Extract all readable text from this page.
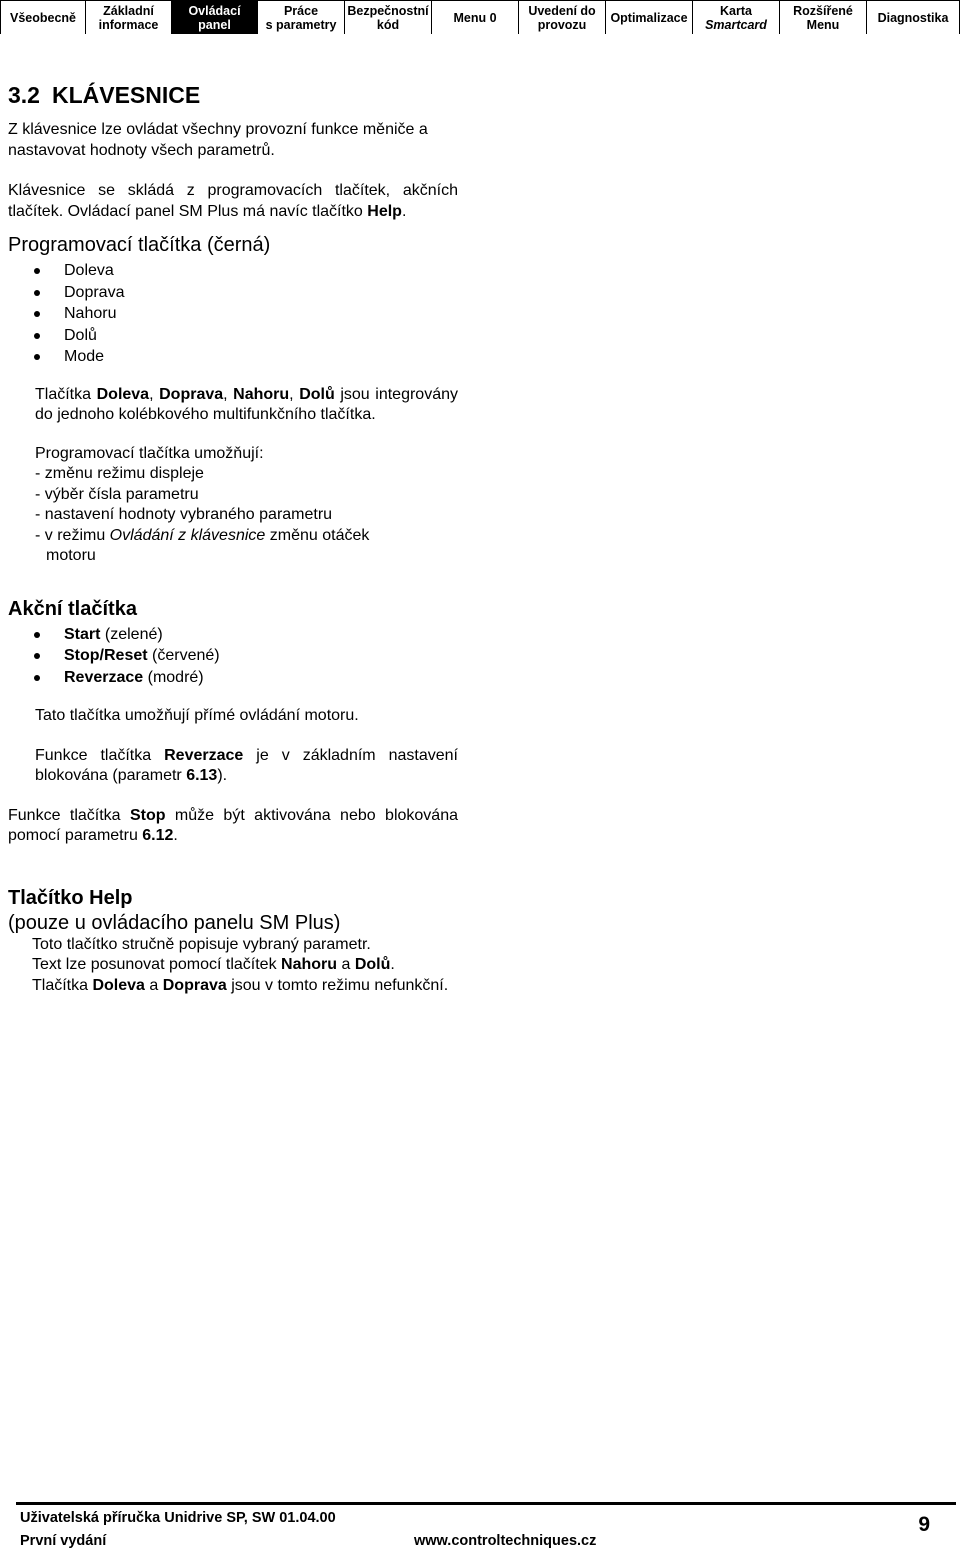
Všeobecně	Základní
informace
Ovládací
panel
Práce
s parametry
Bezpečnostní
kód	Menu 0	Uvedení do
provozu	Optimalizace	Karta
Smartcard
Rozšířené
Menu	Diagnostika
3.2 KLÁVESNICE

Z klávesnice lze ovládat všechny provozní funkce měniče a nastavovat hodnoty všech parametrů.

Klávesnice se skládá z programovacích tlačítek, akčních tlačítek. Ovládací panel SM Plus má navíc tlačítko Help.

Programovací tlačítka (černá)

Doleva
Doprava
Nahoru
Dolů
Mode

Tlačítka Doleva, Doprava, Nahoru, Dolů jsou integrovány do jednoho kolébkového multifunkčního tlačítka.

Programovací tlačítka umožňují:

- změnu režimu displeje

- výběr čísla parametru

- nastavení hodnoty vybraného parametru

- v režimu Ovládání z klávesnice změnu otáček

motoru

Akční tlačítka

Start (zelené)
Stop/Reset (červené)
Reverzace (modré)

Tato tlačítka umožňují přímé ovládání motoru.

Funkce tlačítka Reverzace je v základním nastavení blokována (parametr 6.13).

Funkce tlačítka Stop může být aktivována nebo blokována pomocí parametru 6.12.

Tlačítko Help

(pouze u ovládacího panelu SM Plus)

Toto tlačítko stručně popisuje vybraný parametr.

Text lze posunovat pomocí tlačítek Nahoru a Dolů.

Tlačítka Doleva a Doprava jsou v tomto režimu nefunkční.

Uživatelská příručka Unidrive SP, SW 01.04.00
První vydání	www.controltechniques.cz
9
